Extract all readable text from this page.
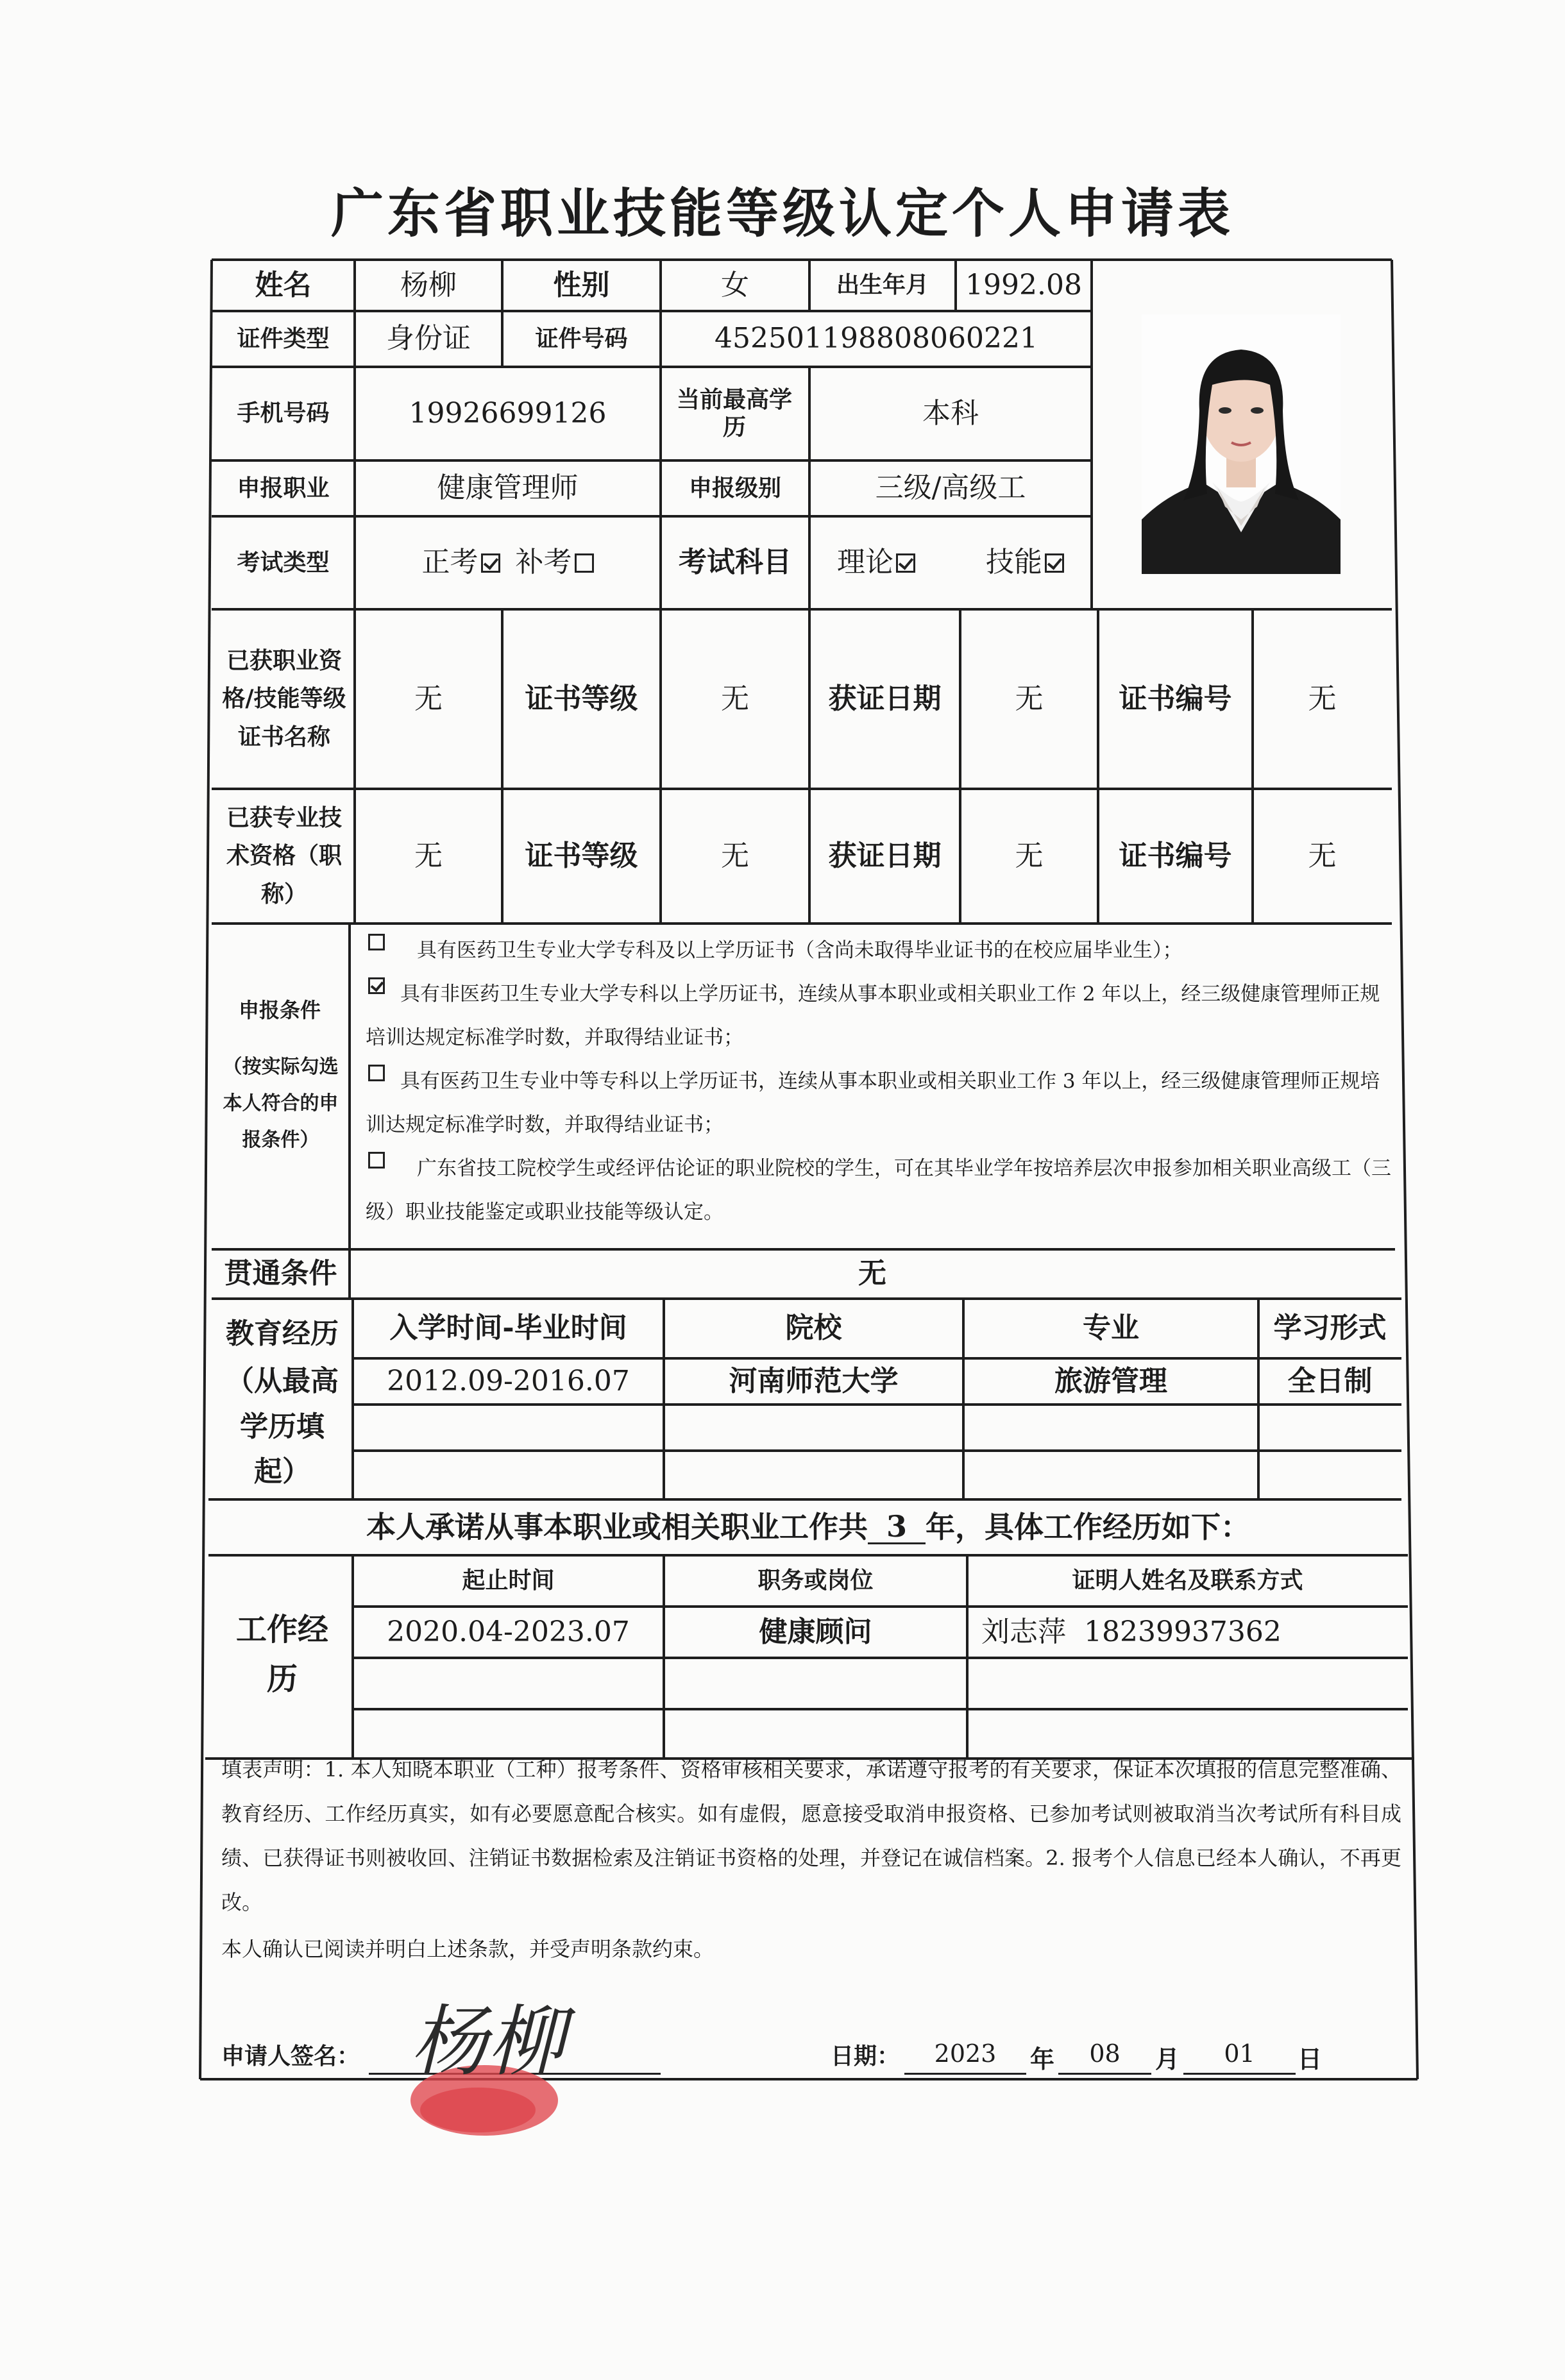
广东省职业技能等级认定个人申请表
姓名	杨柳	性别	女	出生年月	1992.08
证件类型	身份证	证件号码	452501198808060221
手机号码	19926699126	当前最高学历	本科
申报职业	健康管理师	申报级别	三级/高级工
考试类型	正考 补考	考试科目	理论	技能
已获职业资格/技能等级证书名称
无	证书等级	无	获证日期	无	证书编号	无
已获专业技术资格（职称）
无	证书等级	无	获证日期	无	证书编号	无
申报条件
（按实际勾选本人符合的申报条件）
具有医药卫生专业大学专科及以上学历证书（含尚未取得毕业证书的在校应届毕业生）；
具有非医药卫生专业大学专科以上学历证书，连续从事本职业或相关职业工作 2 年以上，经三级健康管理师正规培训达规定标准学时数，并取得结业证书；
具有医药卫生专业中等专科以上学历证书，连续从事本职业或相关职业工作 3 年以上，经三级健康管理师正规培训达规定标准学时数，并取得结业证书；
广东省技工院校学生或经评估论证的职业院校的学生，可在其毕业学年按培养层次申报参加相关职业高级工（三级）职业技能鉴定或职业技能等级认定。
贯通条件	无
教育经历
（从最高学历填起）
入学时间-毕业时间	院校	专业	学习形式
2012.09-2016.07	河南师范大学	旅游管理	全日制
本人承诺从事本职业或相关职业工作共 3 年，具体工作经历如下：
工作经历
起止时间	职务或岗位	证明人姓名及联系方式
2020.04-2023.07	健康顾问	刘志萍  18239937362
填表声明：1. 本人知晓本职业（工种）报考条件、资格审核相关要求，承诺遵守报考的有关要求，保证本次填报的信息完整准确、教育经历、工作经历真实，如有必要愿意配合核实。如有虚假，愿意接受取消申报资格、已参加考试则被取消当次考试所有科目成绩、已获得证书则被收回、注销证书数据检索及注销证书资格的处理，并登记在诚信档案。2. 报考个人信息已经本人确认，不再更改。
本人确认已阅读并明白上述条款，并受声明条款约束。
申请人签名： 杨柳	日期：	2023	年	08	月	01	日
